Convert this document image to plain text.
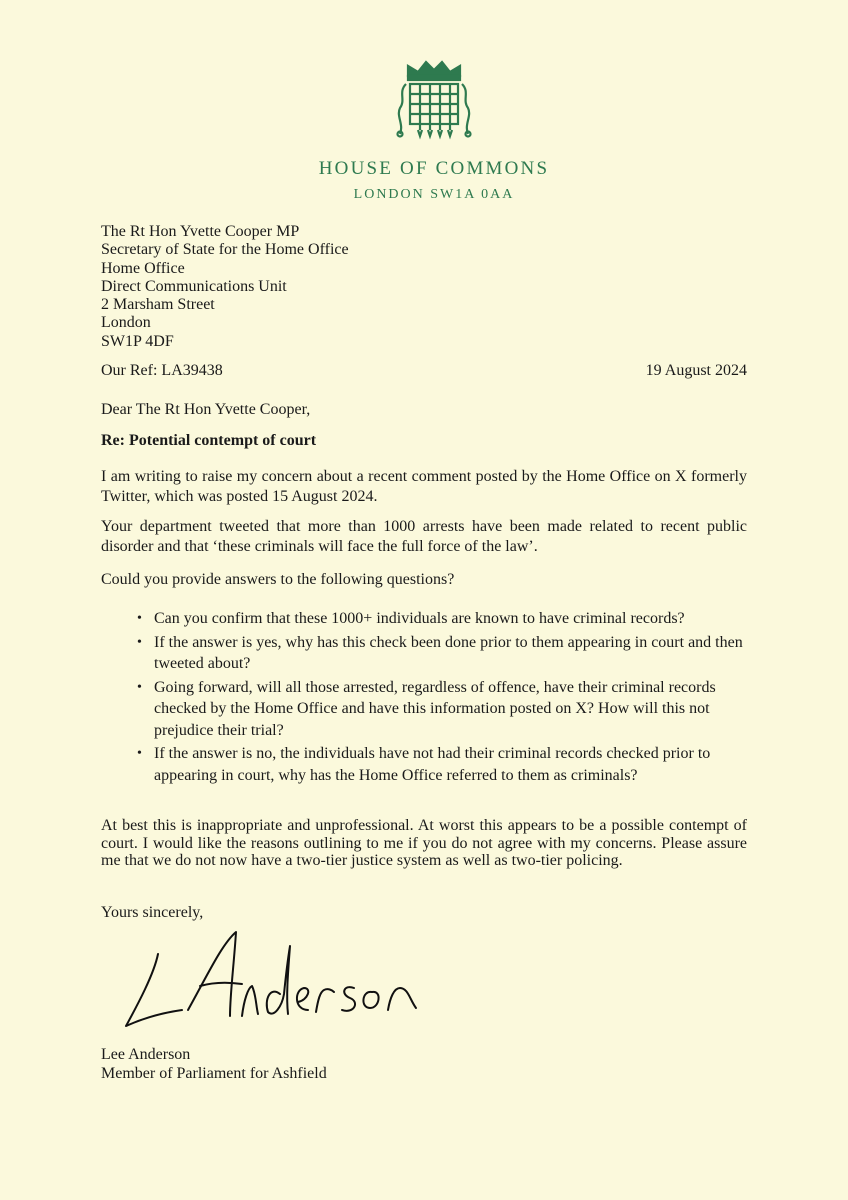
HOUSE OF COMMONS
LONDON SW1A 0AA
The Rt Hon Yvette Cooper MP
Secretary of State for the Home Office
Home Office
Direct Communications Unit
2 Marsham Street
London
SW1P 4DF
Our Ref: LA39438	19 August 2024
Dear The Rt Hon Yvette Cooper,
Re: Potential contempt of court
I am writing to raise my concern about a recent comment posted by the Home Office on X formerly Twitter, which was posted 15 August 2024.
Your department tweeted that more than 1000 arrests have been made related to recent public disorder and that ‘these criminals will face the full force of the law’.
Could you provide answers to the following questions?
• Can you confirm that these 1000+ individuals are known to have criminal records?
• If the answer is yes, why has this check been done prior to them appearing in court and then tweeted about?
• Going forward, will all those arrested, regardless of offence, have their criminal records checked by the Home Office and have this information posted on X? How will this not prejudice their trial?
• If the answer is no, the individuals have not had their criminal records checked prior to appearing in court, why has the Home Office referred to them as criminals?
At best this is inappropriate and unprofessional. At worst this appears to be a possible contempt of court. I would like the reasons outlining to me if you do not agree with my concerns. Please assure me that we do not now have a two-tier justice system as well as two-tier policing.
Yours sincerely,
Lee Anderson
Member of Parliament for Ashfield
